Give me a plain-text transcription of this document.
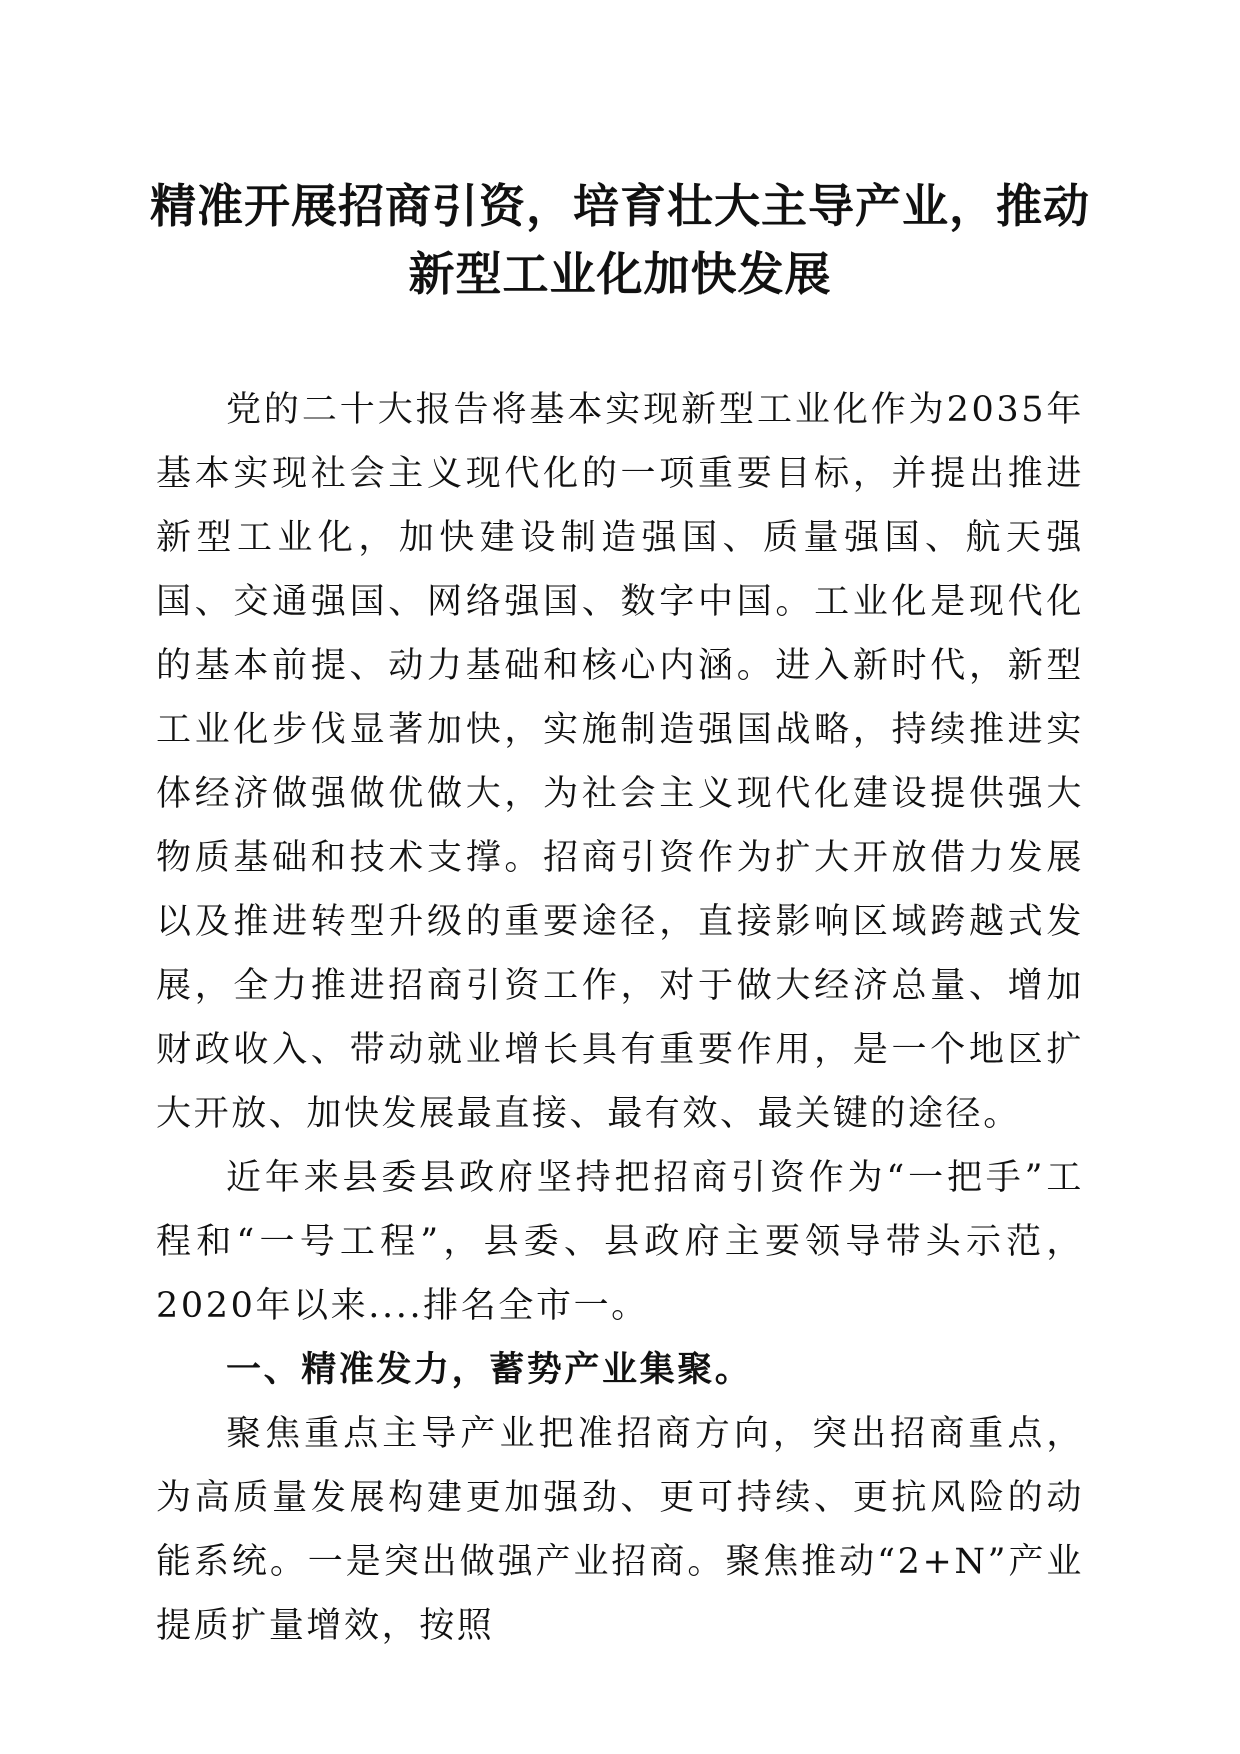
精准开展招商引资，培育壮大主导产业，推动
新型工业化加快发展

党的二十大报告将基本实现新型工业化作为2035年基本实现社会主义现代化的一项重要目标，并提出推进新型工业化，加快建设制造强国、质量强国、航天强国、交通强国、网络强国、数字中国。工业化是现代化的基本前提、动力基础和核心内涵。进入新时代，新型工业化步伐显著加快，实施制造强国战略，持续推进实体经济做强做优做大，为社会主义现代化建设提供强大物质基础和技术支撑。招商引资作为扩大开放借力发展以及推进转型升级的重要途径，直接影响区域跨越式发展，全力推进招商引资工作，对于做大经济总量、增加财政收入、带动就业增长具有重要作用，是一个地区扩大开放、加快发展最直接、最有效、最关键的途径。

近年来县委县政府坚持把招商引资作为“一把手”工程和“一号工程”，县委、县政府主要领导带头示范，2020年以来....排名全市一。

一、精准发力，蓄势产业集聚。

聚焦重点主导产业把准招商方向，突出招商重点，为高质量发展构建更加强劲、更可持续、更抗风险的动能系统。一是突出做强产业招商。聚焦推动“2+N”产业提质扩量增效，按照
